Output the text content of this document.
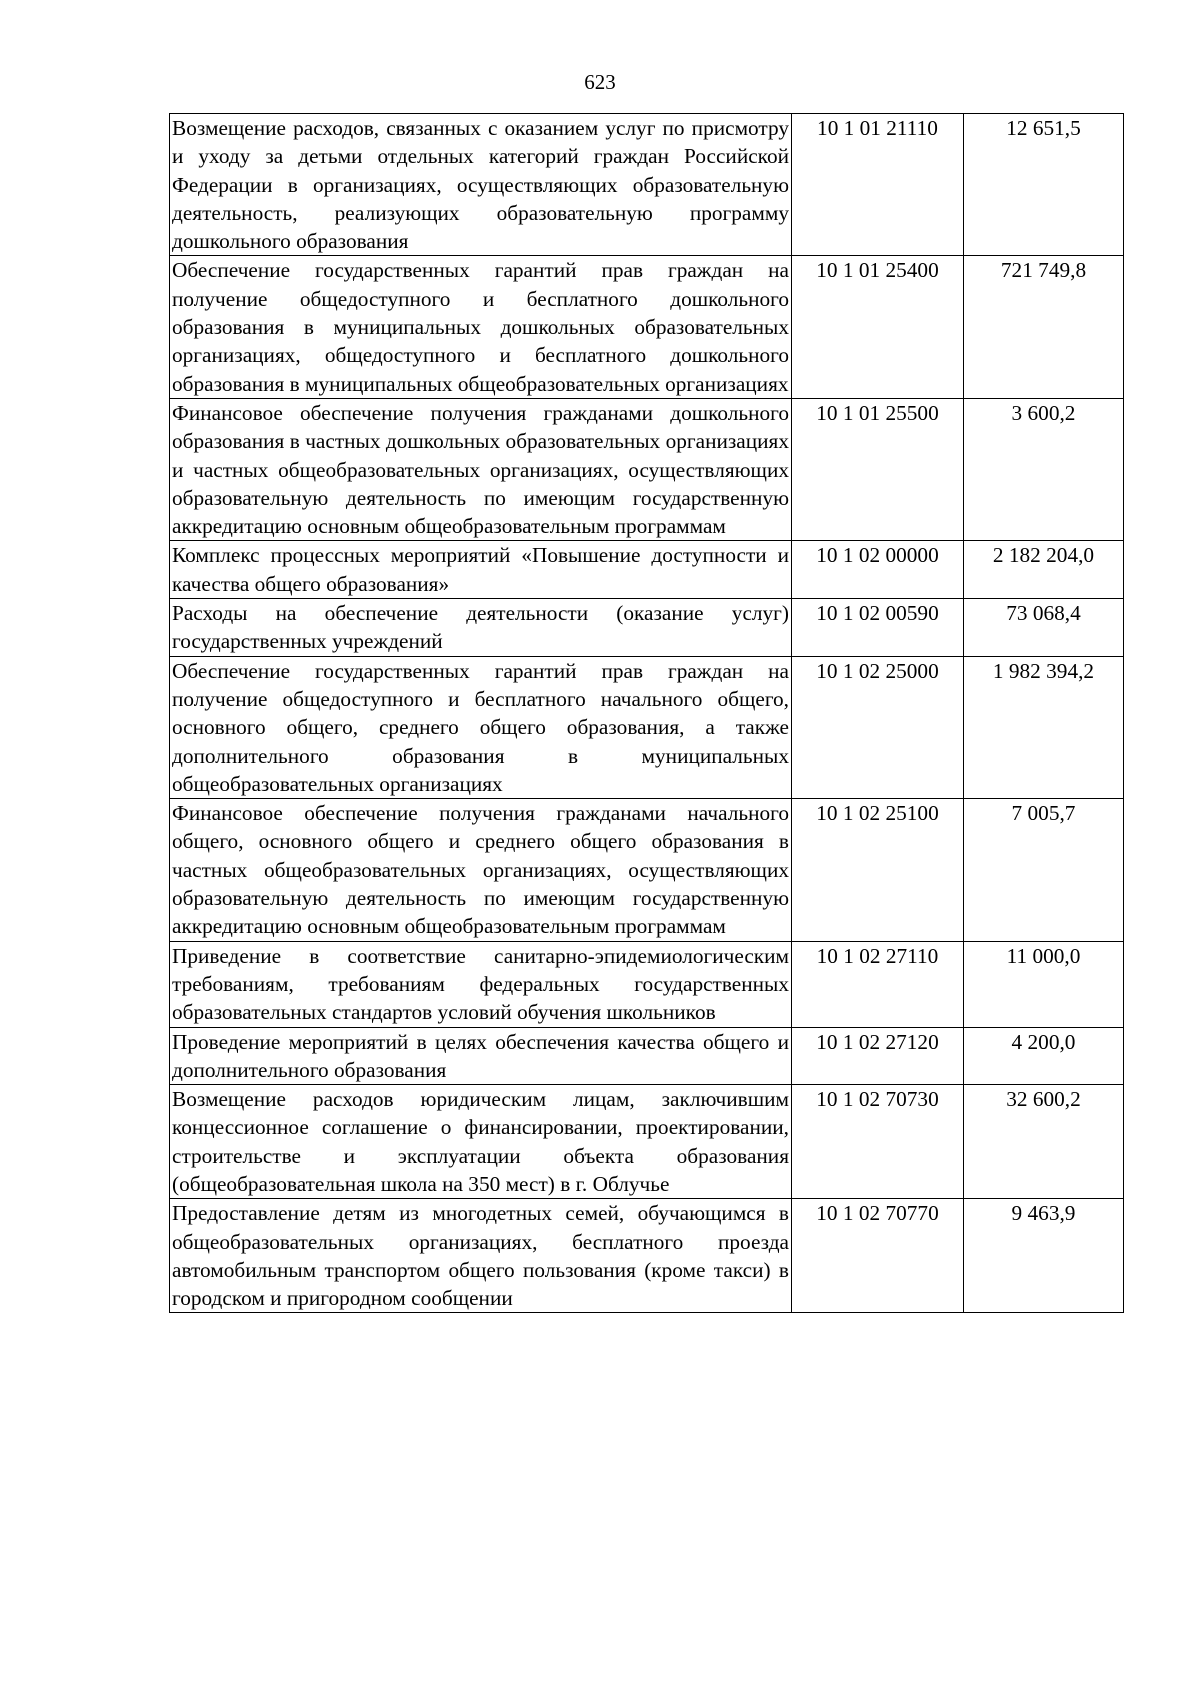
623
Возмещение расходов, связанных с оказанием услуг по присмотру и уходу за детьми отдельных категорий граждан Российской Федерации в организациях, осуществляющих образовательную деятельность, реализующих образовательную программу дошкольного образования	10 1 01 21110	12 651,5
Обеспечение государственных гарантий прав граждан на получение общедоступного и бесплатного дошкольного образования в муниципальных дошкольных образовательных организациях, общедоступного и бесплатного дошкольного образования в муниципальных общеобразовательных организациях	10 1 01 25400	721 749,8
Финансовое обеспечение получения гражданами дошкольного образования в частных дошкольных образовательных организациях и частных общеобразовательных организациях, осуществляющих образовательную деятельность по имеющим государственную аккредитацию основным общеобразовательным программам	10 1 01 25500	3 600,2
Комплекс процессных мероприятий «Повышение доступности и качества общего образования»	10 1 02 00000	2 182 204,0
Расходы на обеспечение деятельности (оказание услуг) государственных учреждений	10 1 02 00590	73 068,4
Обеспечение государственных гарантий прав граждан на получение общедоступного и бесплатного начального общего, основного общего, среднего общего образования, а также дополнительного образования в муниципальных общеобразовательных организациях	10 1 02 25000	1 982 394,2
Финансовое обеспечение получения гражданами начального общего, основного общего и среднего общего образования в частных общеобразовательных организациях, осуществляющих образовательную деятельность по имеющим государственную аккредитацию основным общеобразовательным программам	10 1 02 25100	7 005,7
Приведение в соответствие санитарно-эпидемиологическим требованиям, требованиям федеральных государственных образовательных стандартов условий обучения школьников	10 1 02 27110	11 000,0
Проведение мероприятий в целях обеспечения качества общего и дополнительного образования	10 1 02 27120	4 200,0
Возмещение расходов юридическим лицам, заключившим концессионное соглашение о финансировании, проектировании, строительстве и эксплуатации объекта образования (общеобразовательная школа на 350 мест) в г. Облучье	10 1 02 70730	32 600,2
Предоставление детям из многодетных семей, обучающимся в общеобразовательных организациях, бесплатного проезда автомобильным транспортом общего пользования (кроме такси) в городском и пригородном сообщении	10 1 02 70770	9 463,9
